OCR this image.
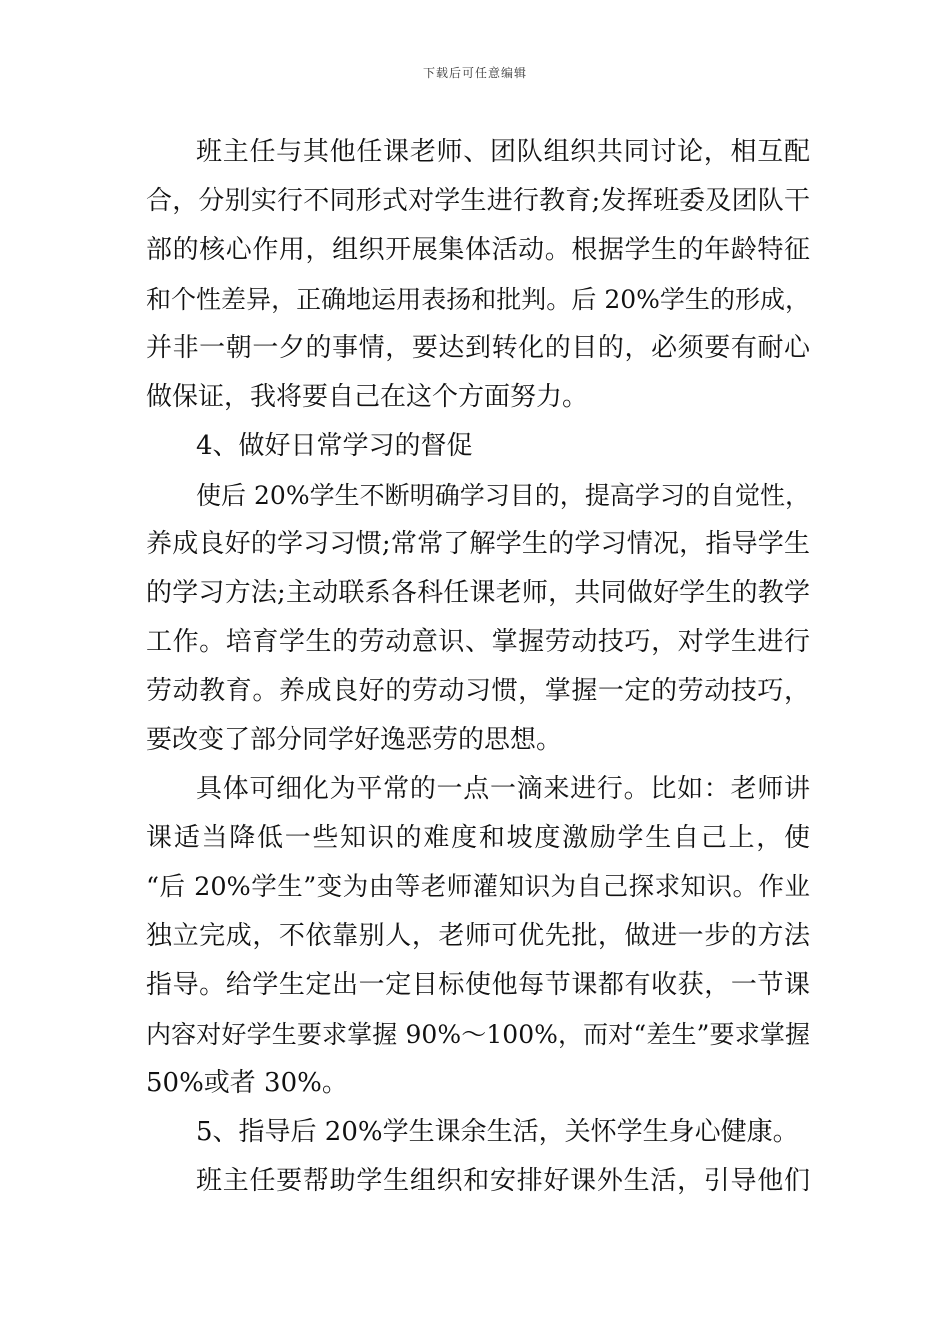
下载后可任意编辑
班主任与其他任课老师、团队组织共同讨论，相互配
合，分别实行不同形式对学生进行教育;发挥班委及团队干
部的核心作用，组织开展集体活动。根据学生的年龄特征
和个性差异，正确地运用表扬和批判。后 20%学生的形成，
并非一朝一夕的事情，要达到转化的目的，必须要有耐心
做保证，我将要自己在这个方面努力。
4、做好日常学习的督促
使后 20%学生不断明确学习目的，提高学习的自觉性，
养成良好的学习习惯;常常了解学生的学习情况，指导学生
的学习方法;主动联系各科任课老师，共同做好学生的教学
工作。培育学生的劳动意识、掌握劳动技巧，对学生进行
劳动教育。养成良好的劳动习惯，掌握一定的劳动技巧，
要改变了部分同学好逸恶劳的思想。
具体可细化为平常的一点一滴来进行。比如：老师讲
课适当降低一些知识的难度和坡度激励学生自己上，使
“后 20%学生”变为由等老师灌知识为自己探求知识。作业
独立完成，不依靠别人，老师可优先批，做进一步的方法
指导。给学生定出一定目标使他每节课都有收获，一节课
内容对好学生要求掌握 90%～100%，而对“差生”要求掌握
50%或者 30%。
5、指导后 20%学生课余生活，关怀学生身心健康。
班主任要帮助学生组织和安排好课外生活，引导他们
